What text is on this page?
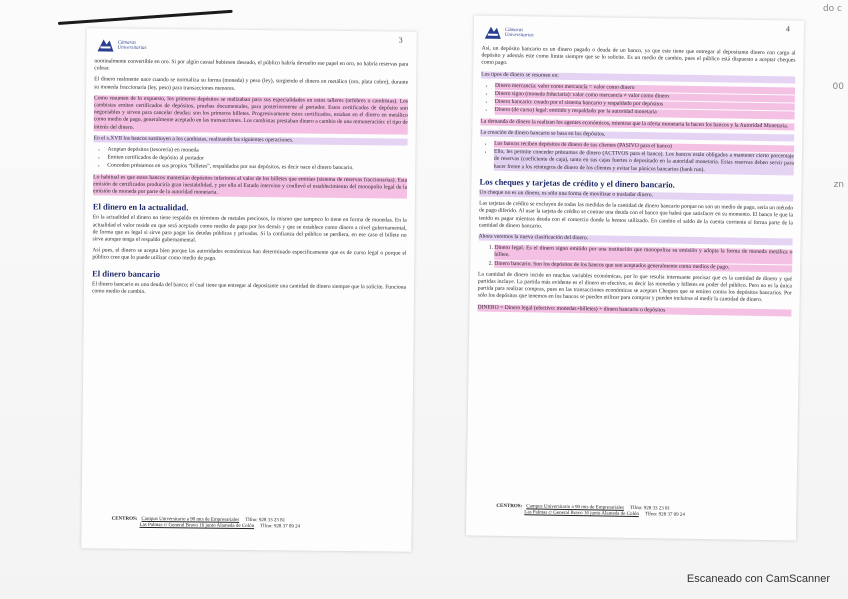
do c
00
zn
3
Cámaras
Universitarias

nominalmente convertible en oro. Si por algún casual hubiesen deseado, el público habría devuelto ese papel en oro, no habría reservas para cobrar.

El dinero realmente nace cuando se normaliza su forma (moneda) y peso (ley), surgiendo el dinero en metálico (oro, plata cobre), durante su moneda fraccionaria (ley, peso) para transacciones menores.

Como resumen de lo expuesto, los primeros depósitos se realizaban para sus especialidades en estos talleres (orfebres o cambistas). Los cambistas emiten certificados de depósitos, pruebas documentales, para posteriormente al portador. Estos certificados de depósito son negociables y sirven para cancelar deudas: son los primeros billetes. Progresivamente estos certificados, estaban en el dinero en metálico como medio de pago, generalmente aceptado en las transacciones. Los cambistas prestaban dinero a cambio de una remuneración: el tipo de interés del dinero.

En el s.XVII los bancos sustituyen a los cambistas, realizando las siguientes operaciones.

• Aceptan depósitos (tesorería) en moneda
• Emiten certificados de depósito al portador
• Conceden préstamos en sus propios “billetes”, respaldados por sus depósitos, es decir nace el dinero bancario.

Lo habitual es que estos bancos mantenían depósitos inferiores al valor de los billetes que emitían (sistema de reservas fraccionarias). Esta emisión de certificados produciría gran inestabilidad, y por ello el Estado intervino y conllevó el establecimiento del monopolio legal de la emisión de moneda por parte de la autoridad monetaria.

El dinero en la actualidad.

En la actualidad el dinero no tiene respaldo en términos de metales preciosos, lo mismo que tampoco lo tiene en forma de monedas. En la actualidad el valor reside en que será aceptado como medio de pago por los demás y que se establece como dinero a nivel gubernamental, de forma que es legal si sirve para pagar las deudas públicas y privadas. Si la confianza del público se perdiera, en ese caso el billete no sirve aunque tenga el respaldo gubernamental.

Así pues, el dinero se acepta bien porque las autoridades económicas han determinado específicamente que es de curso legal o porque el público cree que lo puede utilizar como medio de pago.

El dinero bancario

El dinero bancario es una deuda del banco; el cual tiene que entregar al depositante una cantidad de dinero siempre que la solicite. Funciona como medio de cambio.

CENTROS: Campus Universitario a 90 mts de Empresariales Tlfno: 928 33 23 81
Las Palmas c/ General Bravo 16 junto Alameda de Colón Tlfno: 928 37 09 24
4
Cámaras
Universitarias

Así, un depósito bancario es un dinero pagado o deuda de un banco, ya que este tiene que entregar al depositante dinero con cargo al depósito y además este como límite siempre que se lo solicite. Es un medio de cambio, pues el público está dispuesto a aceptar cheques como pago.

Los tipos de dinero se resumen en:

• Dinero mercancía: valor como mercancía = valor como dinero
• Dinero signo (moneda fiduciaria): valor como mercancía ≠ valor como dinero
• Dinero bancario: creado por el sistema bancario y respaldado por depósitos
• Dinero (de curso) legal: emitido y respaldado por la autoridad monetaria

La demanda de dinero la realizan los agentes económicos, mientras que la oferta monetaria la hacen los bancos y la Autoridad Monetaria.

La creación de dinero bancario se basa en los depósitos.

• Los bancos reciben depósitos de dinero de sus clientes (PASIVO para el banco)
• Ello, les permite conceder préstamos de dinero (ACTIVOS para el banco). Los bancos están obligados a mantener cierto porcentaje de reservas (coeficiente de caja), tanto en sus cajas fuertes o depositado en la autoridad monetaria. Estas reservas deben servir para hacer frente a los reintegros de dinero de los clientes y evitar las pánicos bancarios (bank run).
Los cheques y tarjetas de crédito y el dinero bancario.

Un cheque no es un dinero, es sólo una forma de movilizar o trasladar dinero.

Las tarjetas de crédito se excluyen de todas las medidas de la cantidad de dinero bancario porque no son un medio de pago, sería un método de pago diferido. Al usar la tarjeta de crédito se contrae una deuda con el banco que habrá que satisfacer en su momento. El banco le que la tenido es pagar mientras deuda con el comercio donde la hemos utilizado. En cambio el saldo de la cuenta corriente sí forma parte de la cantidad de dinero bancario.

Ahora veremos la nueva clasificación del dinero.

1. Dinero legal. Es el dinero signo emitido por una institución que monopoliza su emisión y adopta la forma de moneda metálica o billete.
2. Dinero bancario. Son los depósitos de los bancos que son aceptados generalmente como medios de pago.

La cantidad de dinero incide en muchas variables económicas, por lo que resulta interesante precisar que es la cantidad de dinero y qué partidas incluye. La partida más evidente es el dinero en efectivo, es decir las monedas y billetes en poder del público. Pero no es la única partida para realizar compras, pues en las transacciones económicas se aceptan Cheques que se emiten contra los depósitos bancarios. Por sólo los depósitos que tenemos en los bancos se pueden utilizar para comprar y pueden incluirse al medir la cantidad de dinero.

DINERO = Dinero legal (efectivo: monedas+billetes) + dinero bancario o depósitos

CENTROS: Campus Universitario a 90 mts de Empresariales Tlfno: 928 33 23 81
Las Palmas c/ General Bravo 16 junto Alameda de Colón Tlfno: 928 37 09 24
Escaneado con CamScanner
